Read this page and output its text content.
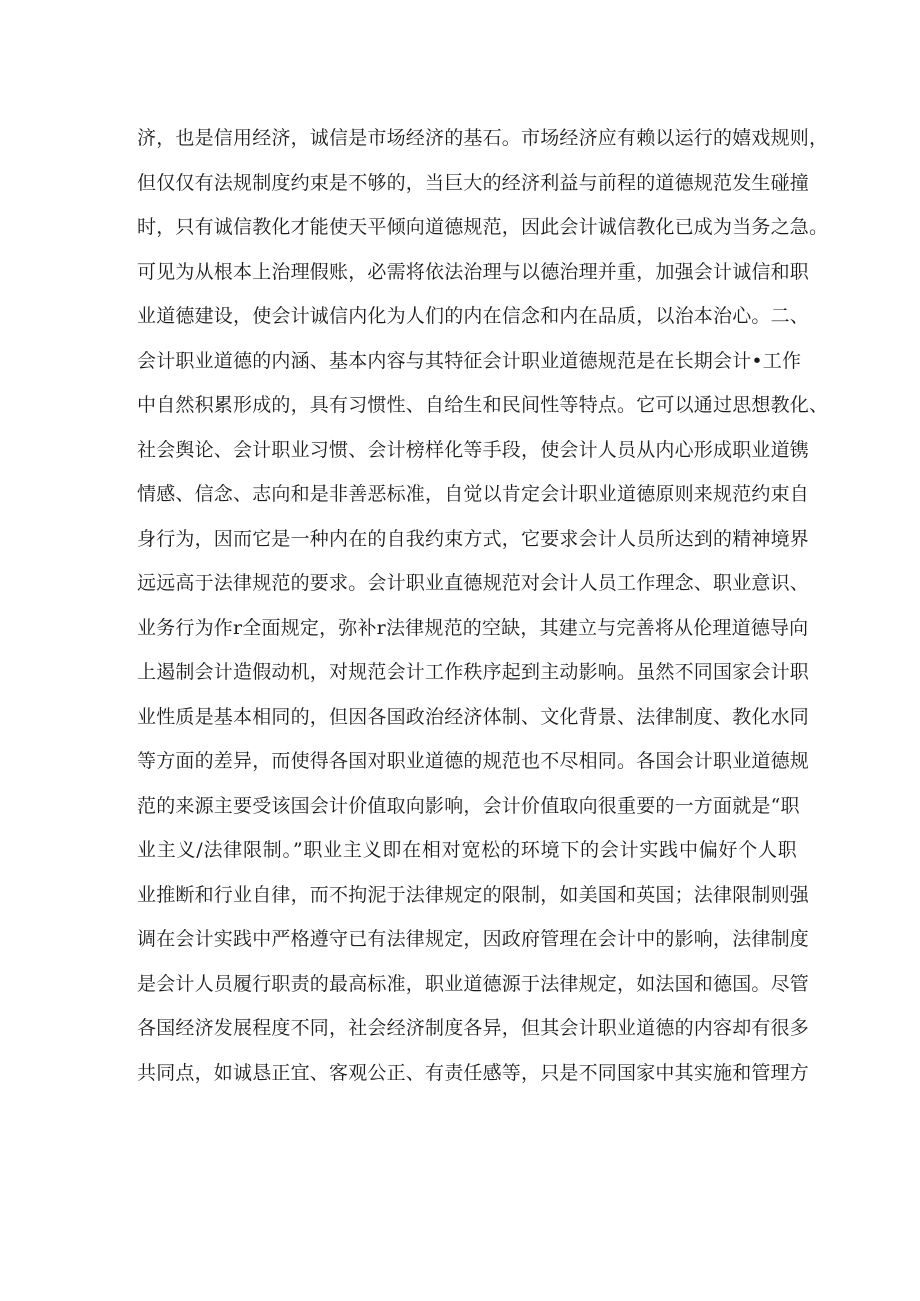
济，也是信用经济，诚信是市场经济的基石。市场经济应有赖以运行的嬉戏规则，
但仅仅有法规制度约束是不够的，当巨大的经济利益与前程的道德规范发生碰撞
时，只有诚信教化才能使天平倾向道德规范，因此会计诚信教化已成为当务之急。
可见为从根本上治理假账，必需将依法治理与以德治理并重，加强会计诚信和职
业道德建设，使会计诚信内化为人们的内在信念和内在品质，以治本治心。二、
会计职业道德的内涵、基本内容与其特征会计职业道德规范是在长期会计•工作
中自然积累形成的，具有习惯性、自给生和民间性等特点。它可以通过思想教化、
社会舆论、会计职业习惯、会计榜样化等手段，使会计人员从内心形成职业道镌
情感、信念、志向和是非善恶标准，自觉以肯定会计职业道德原则来规范约束自
身行为，因而它是一种内在的自我约束方式，它要求会计人员所达到的精神境界
远远高于法律规范的要求。会计职业直德规范对会计人员工作理念、职业意识、
业务行为作r全面规定，弥补r法律规范的空缺，其建立与完善将从伦理道德导向
上遏制会计造假动机，对规范会计工作秩序起到主动影响。虽然不同国家会计职
业性质是基本相同的，但因各国政治经济体制、文化背景、法律制度、教化水同
等方面的差异，而使得各国对职业道德的规范也不尽相同。各国会计职业道德规
范的来源主要受该国会计价值取向影响，会计价值取向很重要的一方面就是“职
业主义/法律限制。”职业主义即在相对宽松的环境下的会计实践中偏好个人职
业推断和行业自律，而不拘泥于法律规定的限制，如美国和英国；法律限制则强
调在会计实践中严格遵守已有法律规定，因政府管理在会计中的影响，法律制度
是会计人员履行职责的最高标准，职业道德源于法律规定，如法国和德国。尽管
各国经济发展程度不同，社会经济制度各异，但其会计职业道德的内容却有很多
共同点，如诚恳正宜、客观公正、有责任感等，只是不同国家中其实施和管理方
